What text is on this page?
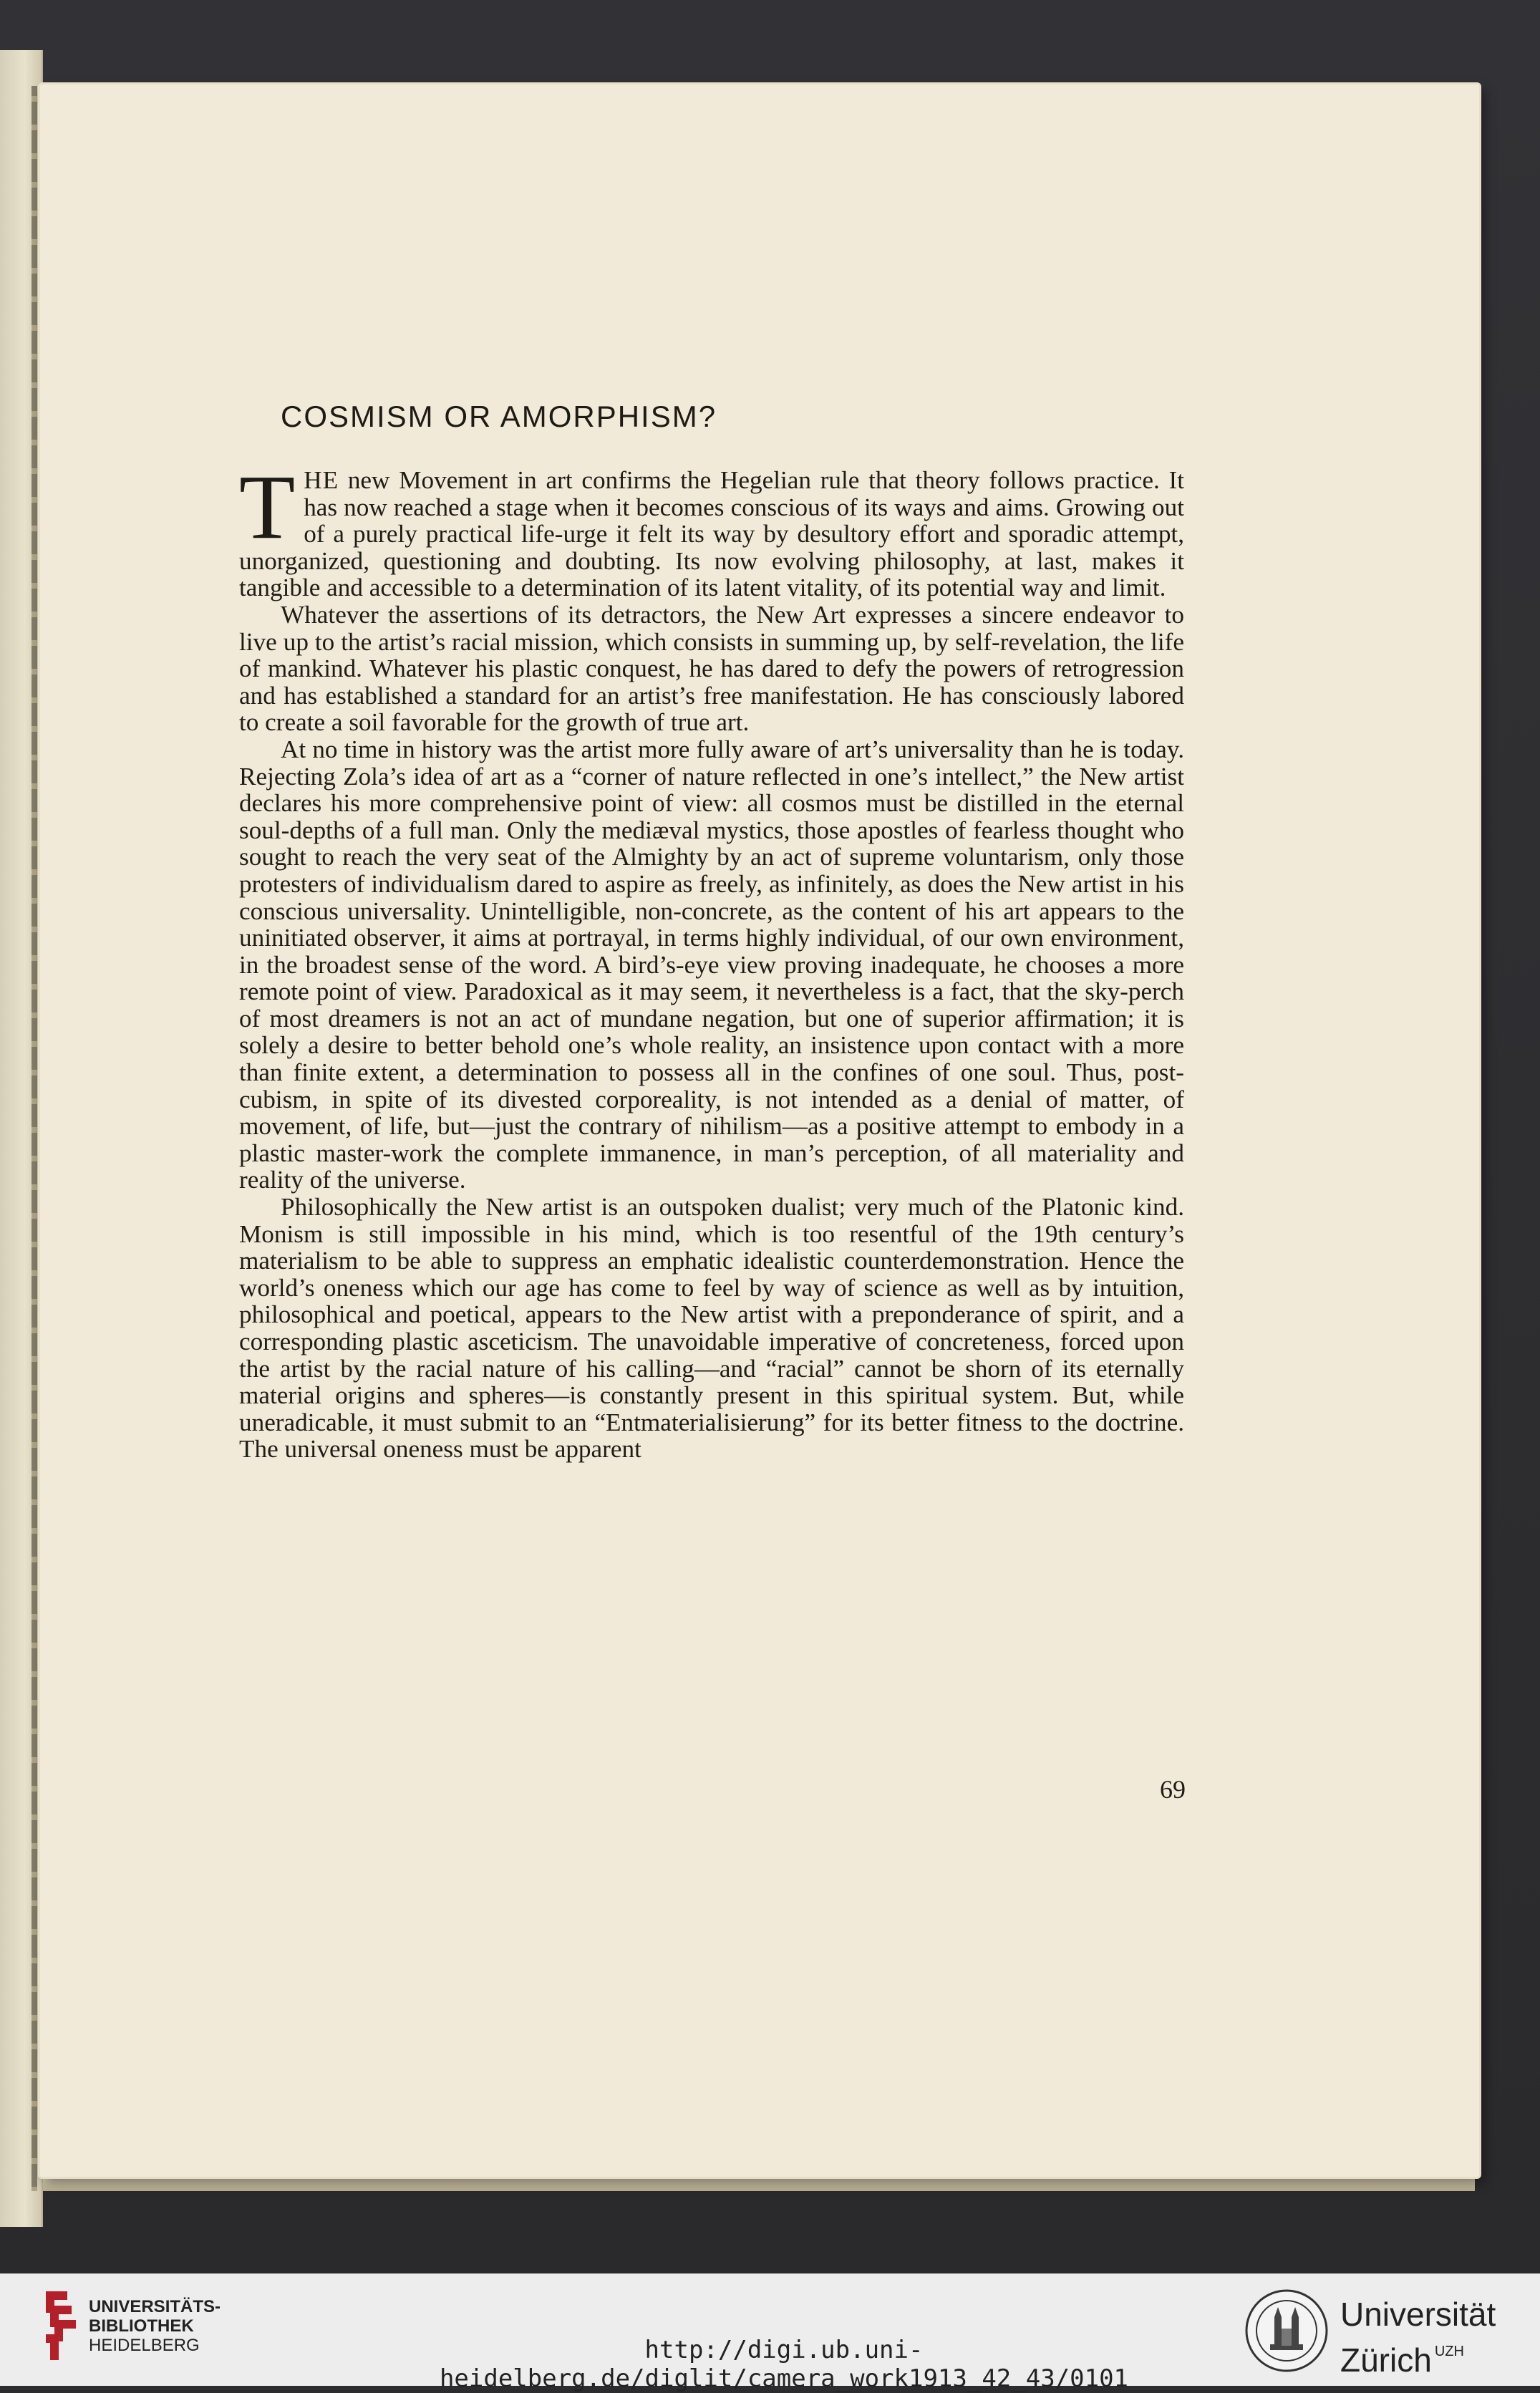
COSMISM OR AMORPHISM?

THE new Movement in art confirms the Hegelian rule that theory follows practice. It has now reached a stage when it becomes conscious of its ways and aims. Growing out of a purely practical life-urge it felt its way by desultory effort and sporadic attempt, unorganized, questioning and doubting. Its now evolving philosophy, at last, makes it tangible and accessible to a determination of its latent vitality, of its potential way and limit.

Whatever the assertions of its detractors, the New Art expresses a sincere endeavor to live up to the artist’s racial mission, which consists in summing up, by self-revelation, the life of mankind. Whatever his plastic conquest, he has dared to defy the powers of retrogression and has established a standard for an artist’s free manifestation. He has consciously labored to create a soil favorable for the growth of true art.

At no time in history was the artist more fully aware of art’s universality than he is today. Rejecting Zola’s idea of art as a “corner of nature reflected in one’s intellect,” the New artist declares his more comprehensive point of view: all cosmos must be distilled in the eternal soul-depths of a full man. Only the mediæval mystics, those apostles of fearless thought who sought to reach the very seat of the Almighty by an act of supreme voluntarism, only those protesters of individualism dared to aspire as freely, as infinitely, as does the New artist in his conscious universality. Unintelligible, non-concrete, as the content of his art appears to the uninitiated observer, it aims at portrayal, in terms highly individual, of our own environment, in the broadest sense of the word. A bird’s-eye view proving inadequate, he chooses a more remote point of view. Paradoxical as it may seem, it nevertheless is a fact, that the sky-perch of most dreamers is not an act of mundane negation, but one of superior affirmation; it is solely a desire to better behold one’s whole reality, an insistence upon contact with a more than finite extent, a determination to possess all in the confines of one soul. Thus, post-cubism, in spite of its divested corporeality, is not intended as a denial of matter, of movement, of life, but—just the contrary of nihilism—as a positive attempt to embody in a plastic master-work the complete immanence, in man’s perception, of all materiality and reality of the universe.

Philosophically the New artist is an outspoken dualist; very much of the Platonic kind. Monism is still impossible in his mind, which is too resentful of the 19th century’s materialism to be able to suppress an emphatic idealistic counterdemonstration. Hence the world’s oneness which our age has come to feel by way of science as well as by intuition, philosophical and poetical, appears to the New artist with a preponderance of spirit, and a corresponding plastic asceticism. The unavoidable imperative of concreteness, forced upon the artist by the racial nature of his calling—and “racial” cannot be shorn of its eternally material origins and spheres—is constantly present in this spiritual system. But, while uneradicable, it must submit to an “Entmaterialisierung” for its better fitness to the doctrine. The universal oneness must be apparent

69
UNIVERSITÄTS-
BIBLIOTHEK
HEIDELBERG	http://digi.ub.uni-heidelberg.de/diglit/camera_work1913_42_43/0101
Universität
Zürich $^{UZH}$
